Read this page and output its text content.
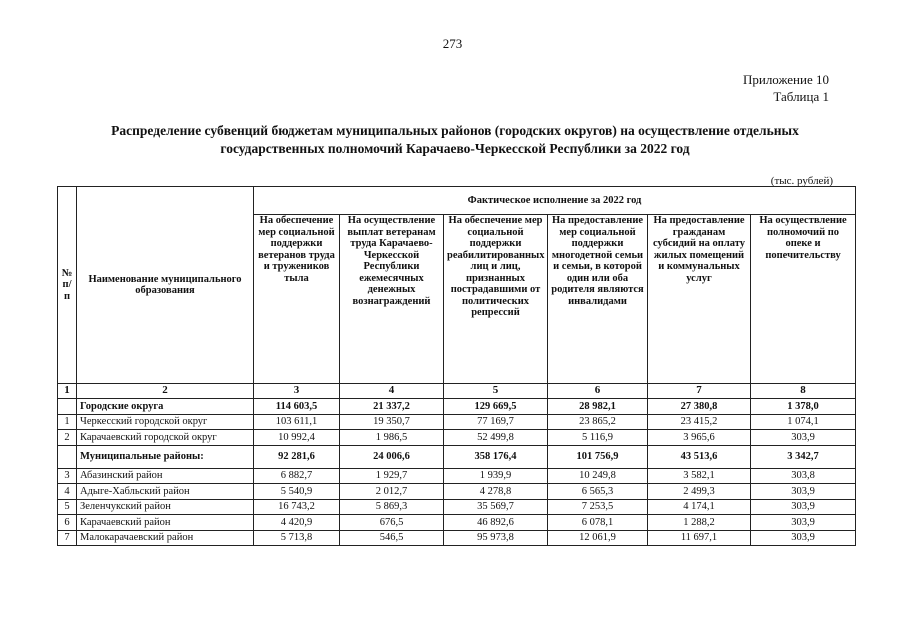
273
Приложение 10
Таблица 1
Распределение субвенций бюджетам муниципальных районов (городских округов) на осуществление отдельных
государственных полномочий Карачаево-Черкесской Республики за 2022 год
(тыс. рублей)
№ п/п	Наименование муниципального образования	Фактическое исполнение за 2022 год					
		На обеспечение мер социальной поддержки ветеранов труда и тружеников тыла	На осуществление выплат ветеранам труда Карачаево-Черкесской Республики ежемесячных денежных вознаграждений	На обеспечение мер социальной поддержки реабилитированных лиц и лиц, признанных пострадавшими от политических репрессий	На предоставление мер социальной поддержки многодетной семьи и семьи, в которой один или оба родителя являются инвалидами	На предоставление гражданам субсидий на оплату жилых помещений и коммунальных услуг	На осуществление полномочий по опеке и попечительству
1	2	3	4	5	6	7	8
	Городские округа	114 603,5	21 337,2	129 669,5	28 982,1	27 380,8	1 378,0
1	Черкесский городской округ	103 611,1	19 350,7	77 169,7	23 865,2	23 415,2	1 074,1
2	Карачаевский городской округ	10 992,4	1 986,5	52 499,8	5 116,9	3 965,6	303,9
	Муниципальные районы:	92 281,6	24 006,6	358 176,4	101 756,9	43 513,6	3 342,7
3	Абазинский район	6 882,7	1 929,7	1 939,9	10 249,8	3 582,1	303,8
4	Адыге-Хабльский район	5 540,9	2 012,7	4 278,8	6 565,3	2 499,3	303,9
5	Зеленчукский район	16 743,2	5 869,3	35 569,7	7 253,5	4 174,1	303,9
6	Карачаевский район	4 420,9	676,5	46 892,6	6 078,1	1 288,2	303,9
7	Малокарачаевский район	5 713,8	546,5	95 973,8	12 061,9	11 697,1	303,9
